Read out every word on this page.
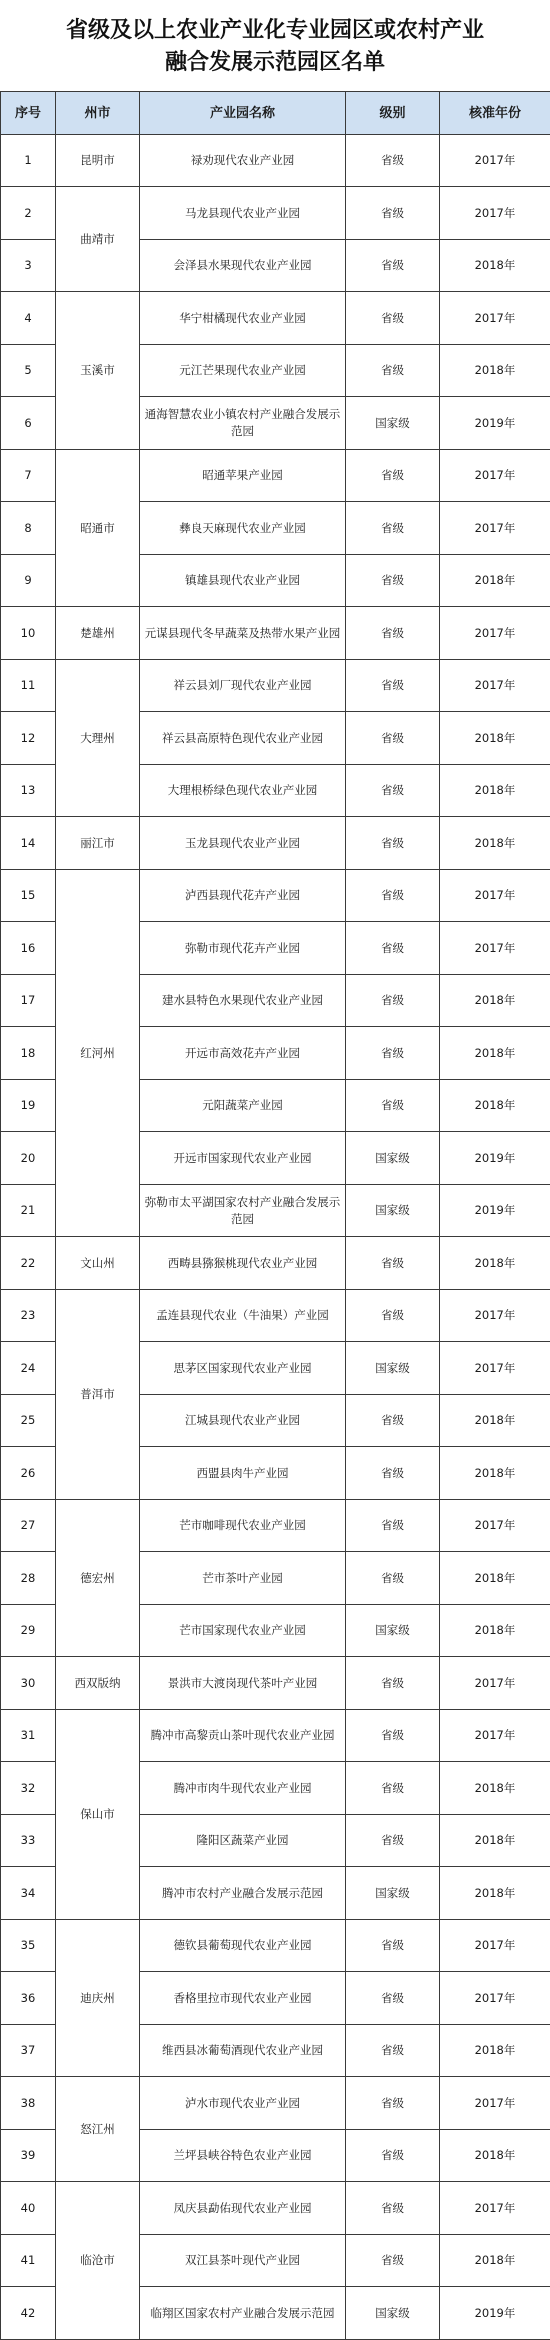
省级及以上农业产业化专业园区或农村产业
融合发展示范园区名单
序号	州市	产业园名称	级别	核准年份
1	昆明市	禄劝现代农业产业园	省级	2017年
2	曲靖市	马龙县现代农业产业园	省级	2017年
3		会泽县水果现代农业产业园	省级	2018年
4	玉溪市	华宁柑橘现代农业产业园	省级	2017年
5		元江芒果现代农业产业园	省级	2018年
6		通海智慧农业小镇农村产业融合发展示范园	国家级	2019年
7	昭通市	昭通苹果产业园	省级	2017年
8		彝良天麻现代农业产业园	省级	2017年
9		镇雄县现代农业产业园	省级	2018年
10	楚雄州	元谋县现代冬早蔬菜及热带水果产业园	省级	2017年
11	大理州	祥云县刘厂现代农业产业园	省级	2017年
12		祥云县高原特色现代农业产业园	省级	2018年
13		大理根桥绿色现代农业产业园	省级	2018年
14	丽江市	玉龙县现代农业产业园	省级	2018年
15	红河州	泸西县现代花卉产业园	省级	2017年
16		弥勒市现代花卉产业园	省级	2017年
17		建水县特色水果现代农业产业园	省级	2018年
18		开远市高效花卉产业园	省级	2018年
19		元阳蔬菜产业园	省级	2018年
20		开远市国家现代农业产业园	国家级	2019年
21		弥勒市太平湖国家农村产业融合发展示范园	国家级	2019年
22	文山州	西畴县猕猴桃现代农业产业园	省级	2018年
23	普洱市	孟连县现代农业（牛油果）产业园	省级	2017年
24		思茅区国家现代农业产业园	国家级	2017年
25		江城县现代农业产业园	省级	2018年
26		西盟县肉牛产业园	省级	2018年
27	德宏州	芒市咖啡现代农业产业园	省级	2017年
28		芒市茶叶产业园	省级	2018年
29		芒市国家现代农业产业园	国家级	2018年
30	西双版纳	景洪市大渡岗现代茶叶产业园	省级	2017年
31	保山市	腾冲市高黎贡山茶叶现代农业产业园	省级	2017年
32		腾冲市肉牛现代农业产业园	省级	2018年
33		隆阳区蔬菜产业园	省级	2018年
34		腾冲市农村产业融合发展示范园	国家级	2018年
35	迪庆州	德钦县葡萄现代农业产业园	省级	2017年
36		香格里拉市现代农业产业园	省级	2017年
37		维西县冰葡萄酒现代农业产业园	省级	2018年
38	怒江州	泸水市现代农业产业园	省级	2017年
39		兰坪县峡谷特色农业产业园	省级	2018年
40	临沧市	凤庆县勐佑现代农业产业园	省级	2017年
41		双江县茶叶现代产业园	省级	2018年
42		临翔区国家农村产业融合发展示范园	国家级	2019年
